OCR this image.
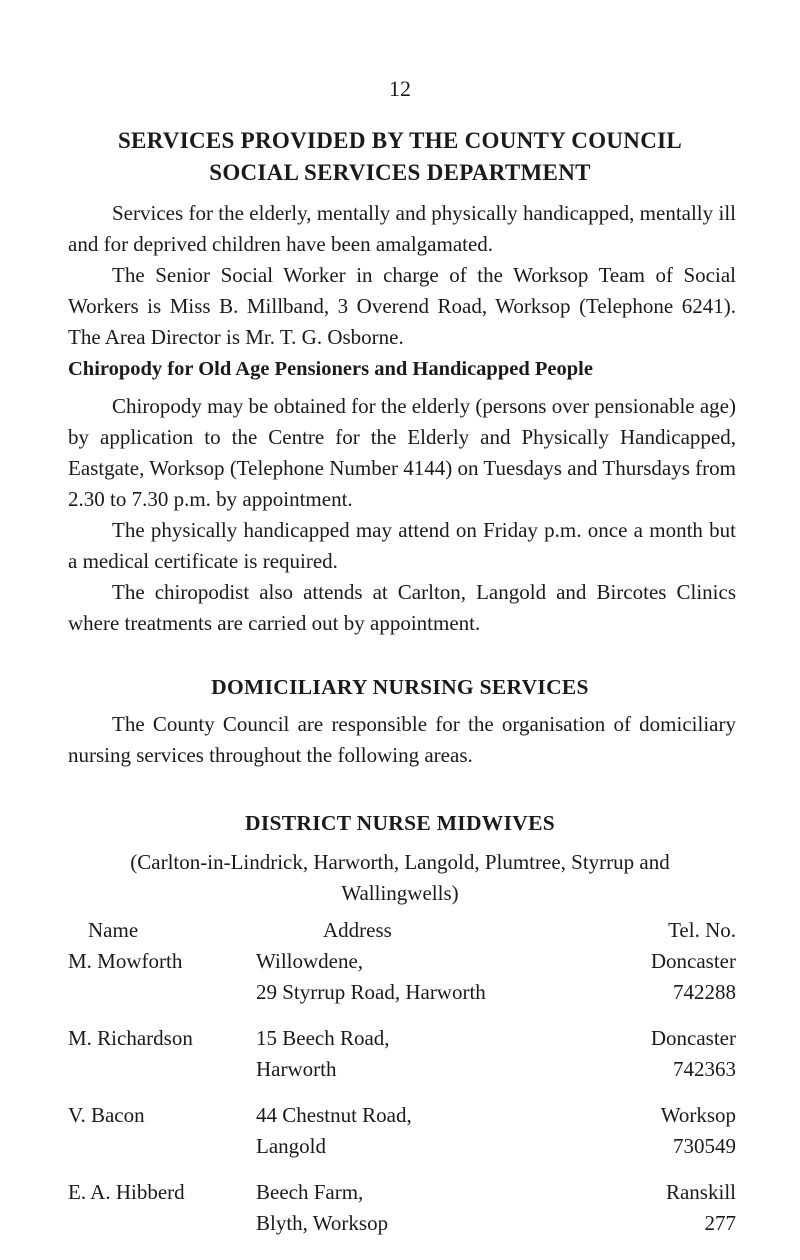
12
SERVICES PROVIDED BY THE COUNTY COUNCIL
SOCIAL SERVICES DEPARTMENT
Services for the elderly, mentally and physically handicapped, mentally ill and for deprived children have been amalgamated.
The Senior Social Worker in charge of the Worksop Team of Social Workers is Miss B. Millband, 3 Overend Road, Worksop (Telephone 6241). The Area Director is Mr. T. G. Osborne.
Chiropody for Old Age Pensioners and Handicapped People
Chiropody may be obtained for the elderly (persons over pensionable age) by application to the Centre for the Elderly and Physically Handicapped, Eastgate, Worksop (Telephone Number 4144) on Tuesdays and Thursdays from 2.30 to 7.30 p.m. by appointment.
The physically handicapped may attend on Friday p.m. once a month but a medical certificate is required.
The chiropodist also attends at Carlton, Langold and Bircotes Clinics where treatments are carried out by appointment.
DOMICILIARY NURSING SERVICES
The County Council are responsible for the organisation of domiciliary nursing services throughout the following areas.
DISTRICT NURSE MIDWIVES
(Carlton-in-Lindrick, Harworth, Langold, Plumtree, Styrrup and
Wallingwells)
Name	Address	Tel. No.
M. Mowforth	Willowdene,	Doncaster
29 Styrrup Road, Harworth	742288
M. Richardson	15 Beech Road,	Doncaster
Harworth	742363
V. Bacon	44 Chestnut Road,	Worksop
Langold	730549
E. A. Hibberd	Beech Farm,	Ranskill
Blyth, Worksop	277
